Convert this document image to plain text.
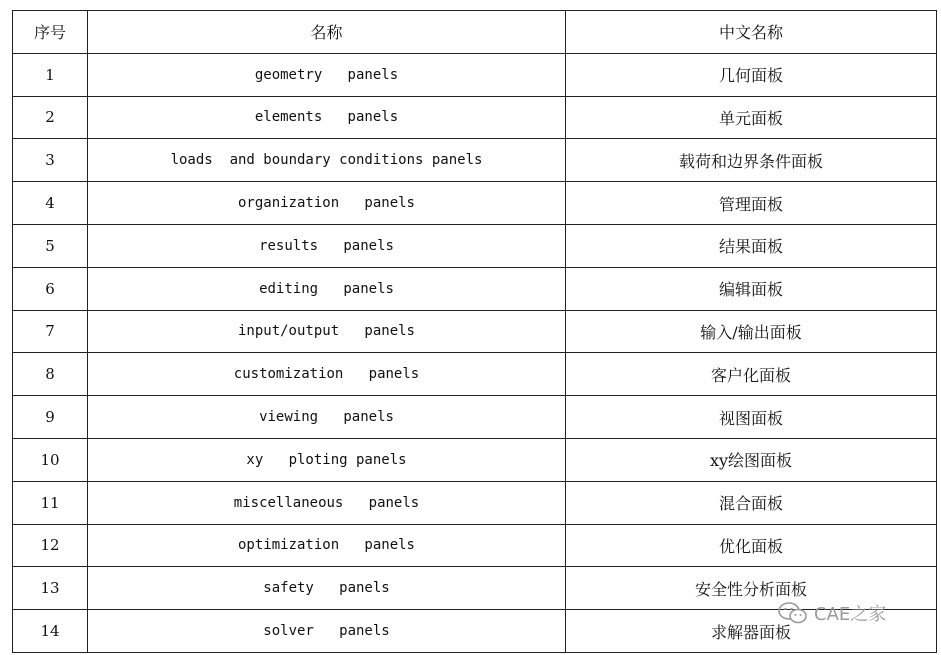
序号	名称	中文名称
1	geometry   panels	几何面板
2	elements   panels	单元面板
3	loads  and boundary conditions panels	载荷和边界条件面板
4	organization   panels	管理面板
5	results   panels	结果面板
6	editing   panels	编辑面板
7	input/output   panels	输入/输出面板
8	customization   panels	客户化面板
9	viewing   panels	视图面板
10	xy   ploting panels	xy绘图面板
11	miscellaneous   panels	混合面板
12	optimization   panels	优化面板
13	safety   panels	安全性分析面板
14	solver   panels	求解器面板
CAE之家
